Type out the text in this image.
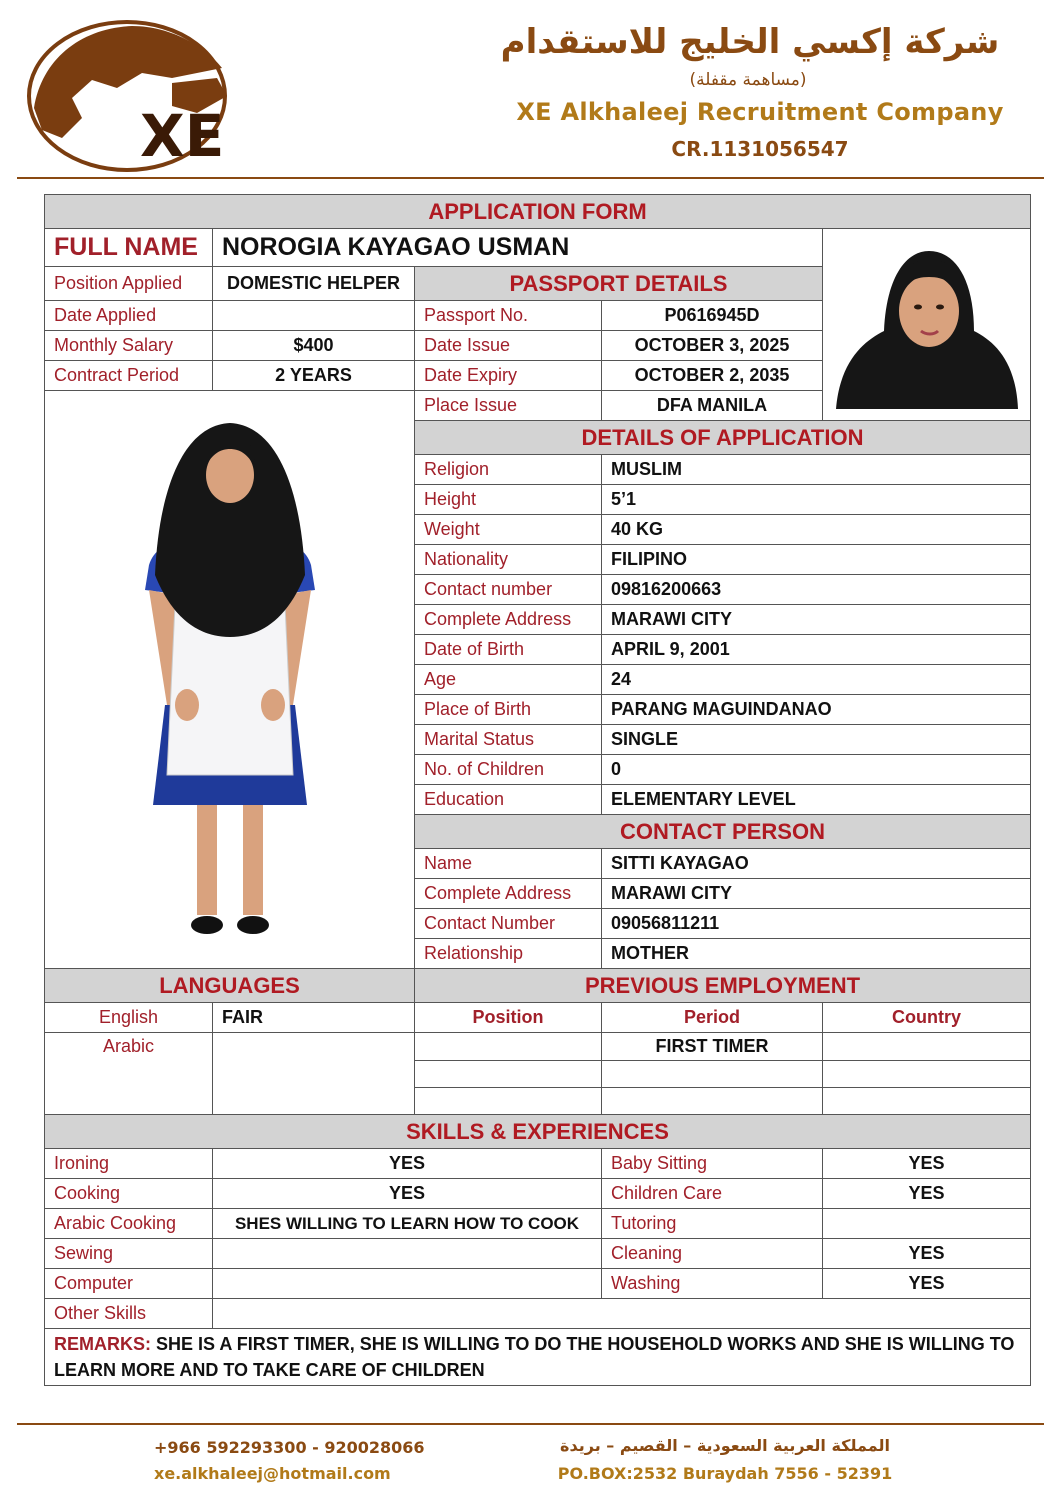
XE
شركة إكسي الخليج للاستقدام
(مساهمة مقفلة)
XE Alkhaleej Recruitment Company
CR.1131056547
APPLICATION FORM				
FULL NAME	NOROGIA KAYAGAO USMAN	

Position Applied	DOMESTIC HELPER	PASSPORT DETAILS		
Date Applied		Passport No.	P0616945D	
Monthly Salary	$400	Date Issue	OCTOBER 3, 2025	
Contract Period	2 YEARS	Date Expiry	OCTOBER 2, 2035	

	Place Issue	DFA MANILA	
		DETAILS OF APPLICATION		
		Religion	MUSLIM	
		Height	5’1	
		Weight	40 KG	
		Nationality	FILIPINO	
		Contact number	09816200663	
		Complete Address	MARAWI CITY	
		Date of Birth	APRIL 9, 2001	
		Age	24	
		Place of Birth	PARANG MAGUINDANAO	
		Marital Status	SINGLE	
		No. of Children	0	
		Education	ELEMENTARY LEVEL	
		CONTACT PERSON		
		Name	SITTI KAYAGAO	
		Complete Address	MARAWI CITY	
		Contact Number	09056811211	
		Relationship	MOTHER	
LANGUAGES		PREVIOUS EMPLOYMENT		
English	FAIR	Position	Period	Country
Arabic			FIRST TIMER	

SKILLS & EXPERIENCES				
Ironing	YES		Baby Sitting	YES
Cooking	YES		Children Care	YES
Arabic Cooking	SHES WILLING TO LEARN HOW TO COOK		Tutoring	
Sewing			Cleaning	YES
Computer			Washing	YES
Other Skills				
REMARKS: SHE IS A FIRST TIMER, SHE IS WILLING TO DO THE HOUSEHOLD WORKS AND SHE IS WILLING TO LEARN MORE AND TO TAKE CARE OF CHILDREN				
+966 592293300 - 920028066
xe.alkhaleej@hotmail.com
المملكة العربية السعودية – القصيم – بريدة
PO.BOX:2532 Buraydah 7556 - 52391
